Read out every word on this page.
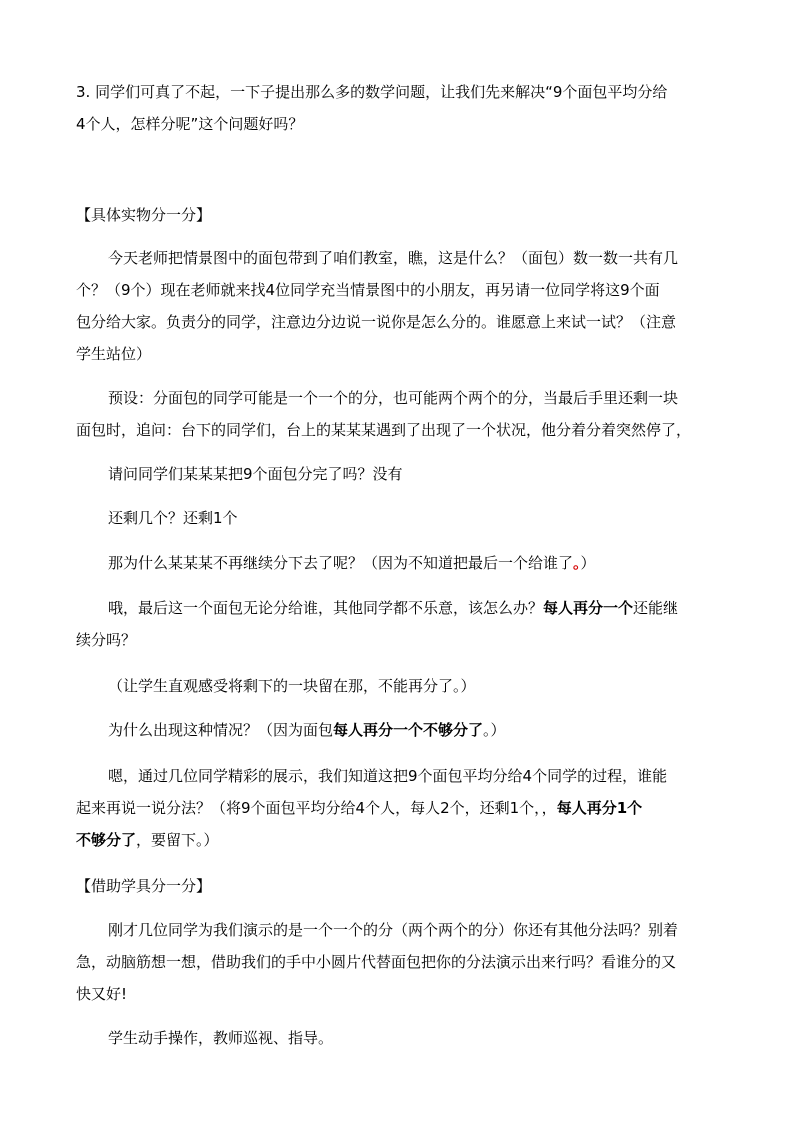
3. 同学们可真了不起，一下子提出那么多的数学问题，让我们先来解决“9个面包平均分给

4个人，怎样分呢”这个问题好吗？

【具体实物分一分】

今天老师把情景图中的面包带到了咱们教室，瞧，这是什么？（面包）数一数一共有几

个？（9个）现在老师就来找4位同学充当情景图中的小朋友，再另请一位同学将这9个面

包分给大家。负责分的同学，注意边分边说一说你是怎么分的。谁愿意上来试一试？（注意

学生站位）

预设：分面包的同学可能是一个一个的分，也可能两个两个的分，当最后手里还剩一块

面包时，追问：台下的同学们，台上的某某某遇到了出现了一个状况，他分着分着突然停了，

请问同学们某某某把9个面包分完了吗？没有

还剩几个？还剩1个

那为什么某某某不再继续分下去了呢？（因为不知道把最后一个给谁了。）

哦，最后这一个面包无论分给谁，其他同学都不乐意，该怎么办？每人再分一个还能继

续分吗？

（让学生直观感受将剩下的一块留在那，不能再分了。）

为什么出现这种情况？（因为面包每人再分一个不够分了。）

嗯，通过几位同学精彩的展示，我们知道这把9个面包平均分给4个同学的过程，谁能

起来再说一说分法？（将9个面包平均分给4个人，每人2个，还剩1个，，每人再分1个

不够分了，要留下。）

【借助学具分一分】

刚才几位同学为我们演示的是一个一个的分（两个两个的分）你还有其他分法吗？别着

急，动脑筋想一想，借助我们的手中小圆片代替面包把你的分法演示出来行吗？看谁分的又

快又好!

学生动手操作，教师巡视、指导。
